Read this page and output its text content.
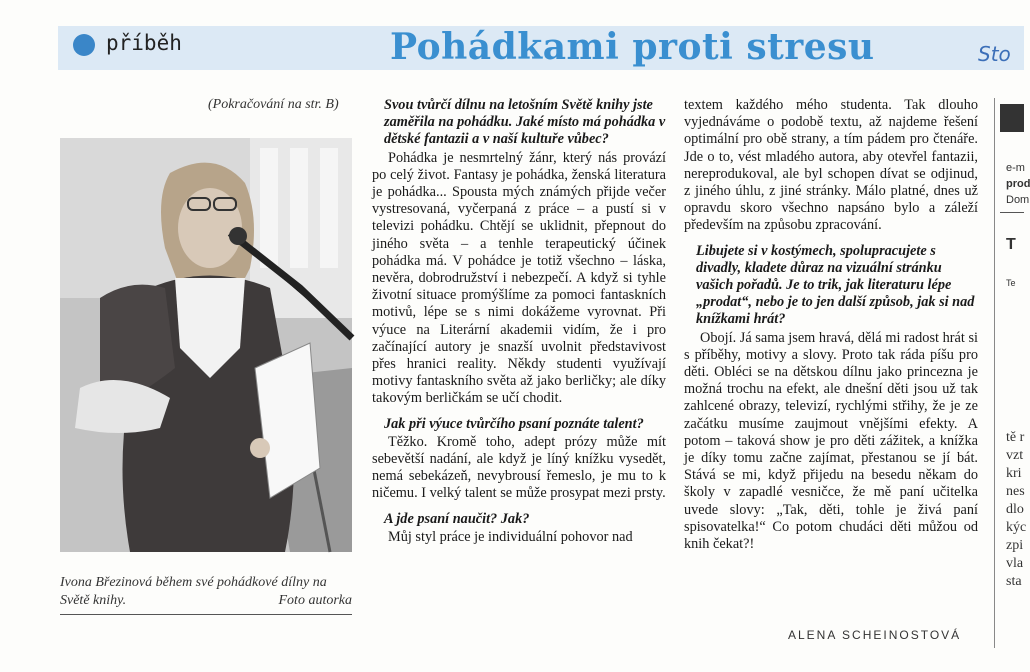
příběh	Pohádkami proti stresu	Sto
(Pokračování na str. B)
Ivona Březinová během své pohádkové dílny na Světě knihy.	Foto autorka
Svou tvůrčí dílnu na letošním Světě knihy jste zaměřila na pohádku. Jaké místo má pohádka v dětské fantazii a v naší kultuře vůbec?

Pohádka je nesmrtelný žánr, který nás provází po celý život. Fantasy je pohádka, ženská literatura je pohádka... Spousta mých známých přijde večer vystresovaná, vyčerpaná z práce – a pustí si v televizi pohádku. Chtějí se uklidnit, přepnout do jiného světa – a tenhle terapeutický účinek pohádka má. V pohádce je totiž všechno – láska, nevěra, dobrodružství i nebezpečí. A když si tyhle životní situace promýšlíme za pomoci fantaskních motivů, lépe se s nimi dokážeme vyrovnat. Při výuce na Literární akademii vidím, že i pro začínající autory je snazší uvolnit představivost přes hranici reality. Někdy studenti využívají motivy fantaskního světa až jako berličky; ale díky takovým berličkám se učí chodit.

Jak při výuce tvůrčího psaní poznáte talent?

Těžko. Kromě toho, adept prózy může mít sebevětší nadání, ale když je líný knížku vysedět, nemá sebekázeň, nevybrousí řemeslo, je mu to k ničemu. I velký talent se může prosypat mezi prsty.

A jde psaní naučit? Jak?

Můj styl práce je individuální pohovor nad

textem každého mého studenta. Tak dlouho vyjednáváme o podobě textu, až najdeme řešení optimální pro obě strany, a tím pádem pro čtenáře. Jde o to, vést mladého autora, aby otevřel fantazii, nereprodukoval, ale byl schopen dívat se odjinud, z jiného úhlu, z jiné stránky. Málo platné, dnes už opravdu skoro všechno napsáno bylo a záleží především na způsobu zpracování.

Libujete si v kostýmech, spolupracujete s divadly, kladete důraz na vizuální stránku vašich pořadů. Je to trik, jak literaturu lépe „prodat“, nebo je to jen další způsob, jak si nad knížkami hrát?

Obojí. Já sama jsem hravá, dělá mi radost hrát si s příběhy, motivy a slovy. Proto tak ráda píšu pro děti. Obléci se na dětskou dílnu jako princezna je možná trochu na efekt, ale dnešní děti jsou už tak zahlcené obrazy, televizí, rychlými střihy, že je ze začátku musíme zaujmout vnějšími efekty. A potom – taková show je pro děti zážitek, a knížka je díky tomu začne zajímat, přestanou se jí bát. Stává se mi, když přijedu na besedu někam do školy v zapadlé vesničce, že mě paní učitelka uvede slovy: „Tak, děti, tohle je živá paní spisovatelka!“ Co potom chudáci děti můžou od knih čekat?!

ALENA SCHEINOSTOVÁ
e-m
prod
Dom
T
Te
tě r
vzt
kri
nes
dlo
kýc
zpi
vla
sta
